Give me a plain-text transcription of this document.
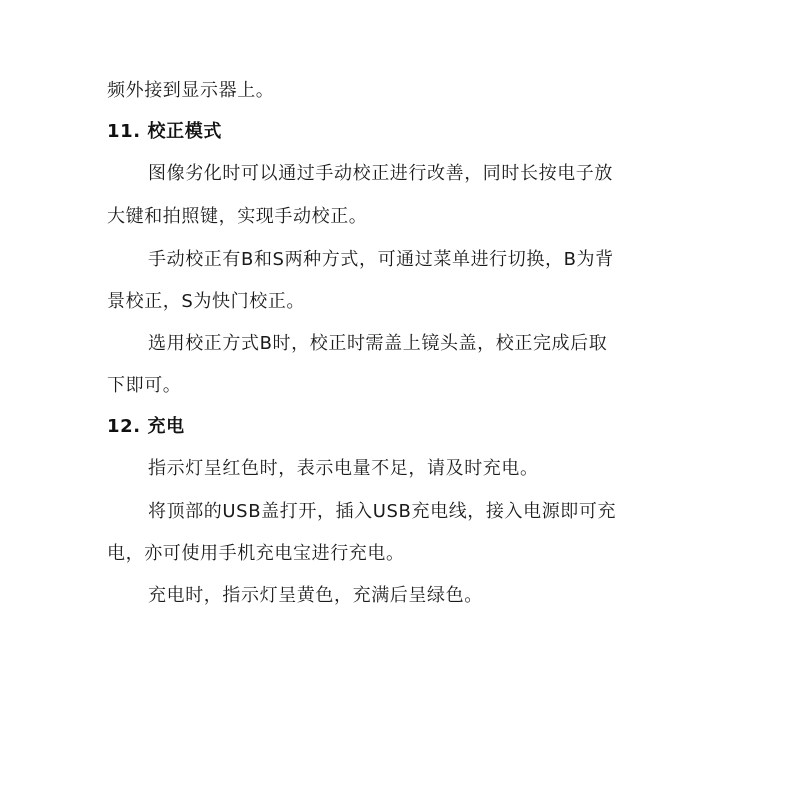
频外接到显示器上。
11. 校正模式
图像劣化时可以通过手动校正进行改善，同时长按电子放
大键和拍照键，实现手动校正。
手动校正有B和S两种方式，可通过菜单进行切换，B为背
景校正，S为快门校正。
选用校正方式B时，校正时需盖上镜头盖，校正完成后取
下即可。
12. 充电
指示灯呈红色时，表示电量不足，请及时充电。
将顶部的USB盖打开，插入USB充电线，接入电源即可充
电，亦可使用手机充电宝进行充电。
充电时，指示灯呈黄色，充满后呈绿色。
